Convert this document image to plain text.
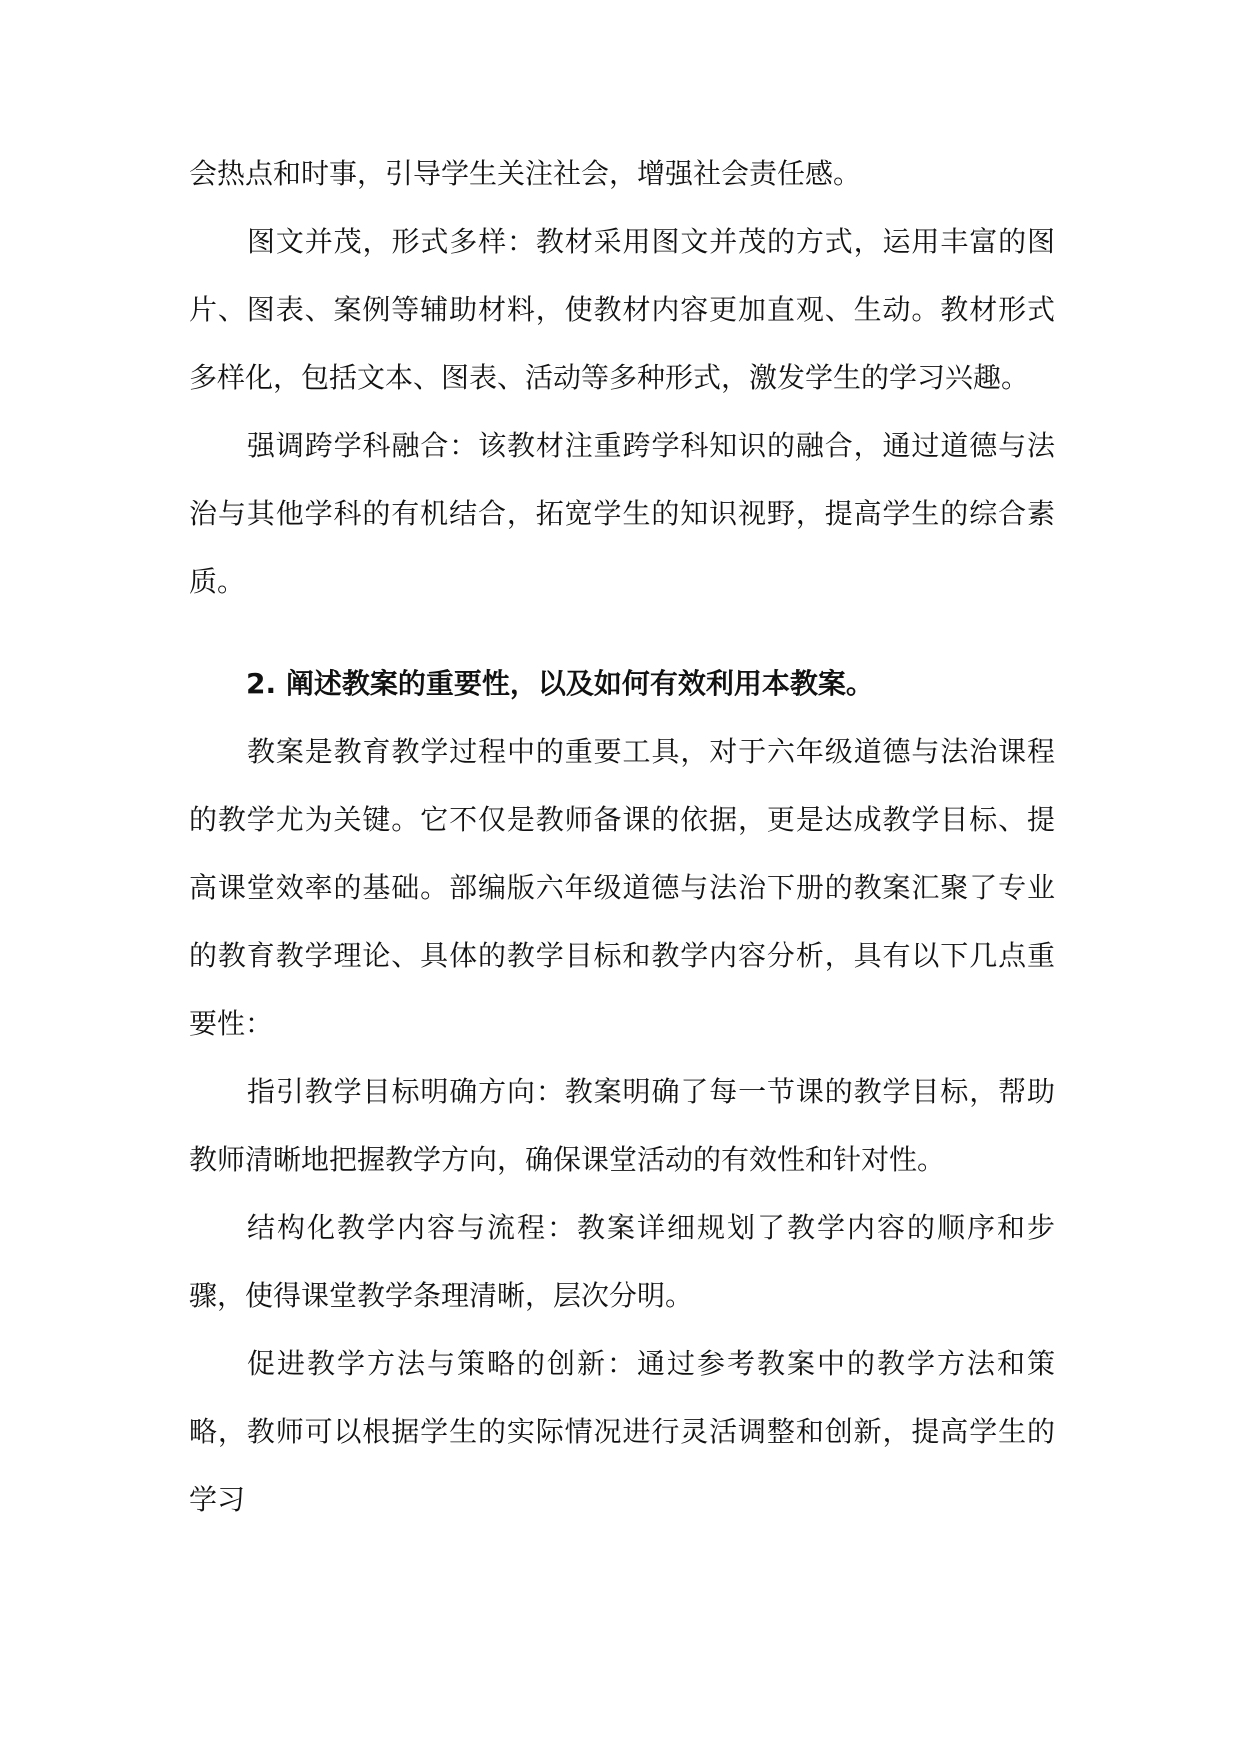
会热点和时事，引导学生关注社会，增强社会责任感。

图文并茂，形式多样：教材采用图文并茂的方式，运用丰富的图片、图表、案例等辅助材料，使教材内容更加直观、生动。教材形式多样化，包括文本、图表、活动等多种形式，激发学生的学习兴趣。

强调跨学科融合：该教材注重跨学科知识的融合，通过道德与法治与其他学科的有机结合，拓宽学生的知识视野，提高学生的综合素质。

2. 阐述教案的重要性，以及如何有效利用本教案。

教案是教育教学过程中的重要工具，对于六年级道德与法治课程的教学尤为关键。它不仅是教师备课的依据，更是达成教学目标、提高课堂效率的基础。部编版六年级道德与法治下册的教案汇聚了专业的教育教学理论、具体的教学目标和教学内容分析，具有以下几点重要性：

指引教学目标明确方向：教案明确了每一节课的教学目标，帮助教师清晰地把握教学方向，确保课堂活动的有效性和针对性。

结构化教学内容与流程：教案详细规划了教学内容的顺序和步骤，使得课堂教学条理清晰，层次分明。

促进教学方法与策略的创新：通过参考教案中的教学方法和策略，教师可以根据学生的实际情况进行灵活调整和创新，提高学生的学习
